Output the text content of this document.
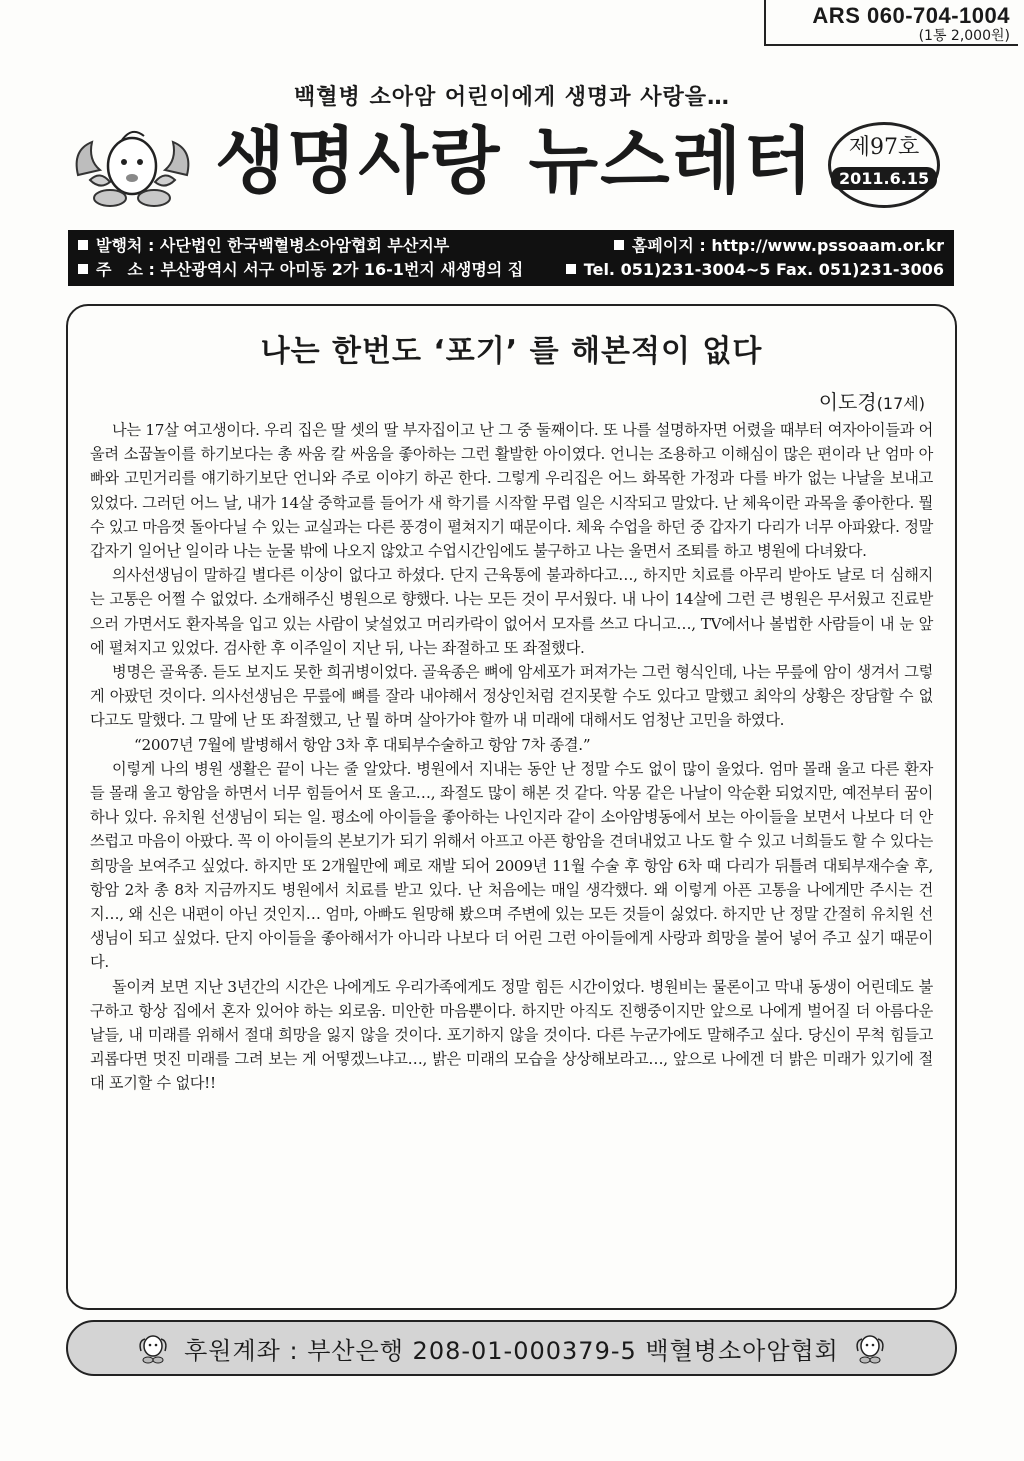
ARS 060-704-1004
(1통 2,000원)
백혈병 소아암 어린이에게 생명과 사랑을…
생명사랑 뉴스레터	제97호
2011.6.15
발행처 : 사단법인 한국백혈병소아암협회 부산지부	홈페이지 : http://www.pssoaam.or.kr
주　소 : 부산광역시 서구 아미동 2가 16-1번지 새생명의 집	Tel. 051)231-3004~5 Fax. 051)231-3006
나는 한번도 ‘포기’ 를 해본적이 없다
이도경(17세)

나는 17살 여고생이다. 우리 집은 딸 셋의 딸 부자집이고 난 그 중 둘째이다. 또 나를 설명하자면 어렸을 때부터 여자아이들과 어울려 소꿉놀이를 하기보다는 총 싸움 칼 싸움을 좋아하는 그런 활발한 아이였다. 언니는 조용하고 이해심이 많은 편이라 난 엄마 아빠와 고민거리를 얘기하기보단 언니와 주로 이야기 하곤 한다. 그렇게 우리집은 어느 화목한 가정과 다를 바가 없는 나날을 보내고 있었다. 그러던 어느 날, 내가 14살 중학교를 들어가 새 학기를 시작할 무렵 일은 시작되고 말았다. 난 체육이란 과목을 좋아한다. 뭘 수 있고 마음껏 돌아다닐 수 있는 교실과는 다른 풍경이 펼쳐지기 때문이다. 체육 수업을 하던 중 갑자기 다리가 너무 아파왔다. 정말 갑자기 일어난 일이라 나는 눈물 밖에 나오지 않았고 수업시간임에도 불구하고 나는 울면서 조퇴를 하고 병원에 다녀왔다.

의사선생님이 말하길 별다른 이상이 없다고 하셨다. 단지 근육통에 불과하다고…, 하지만 치료를 아무리 받아도 날로 더 심해지는 고통은 어쩔 수 없었다. 소개해주신 병원으로 향했다. 나는 모든 것이 무서웠다. 내 나이 14살에 그런 큰 병원은 무서웠고 진료받으러 가면서도 환자복을 입고 있는 사람이 낯설었고 머리카락이 없어서 모자를 쓰고 다니고…, TV에서나 볼법한 사람들이 내 눈 앞에 펼쳐지고 있었다. 검사한 후 이주일이 지난 뒤, 나는 좌절하고 또 좌절했다.

병명은 골육종. 듣도 보지도 못한 희귀병이었다. 골육종은 뼈에 암세포가 퍼져가는 그런 형식인데, 나는 무릎에 암이 생겨서 그렇게 아팠던 것이다. 의사선생님은 무릎에 뼈를 잘라 내야해서 정상인처럼 걷지못할 수도 있다고 말했고 최악의 상황은 장담할 수 없다고도 말했다. 그 말에 난 또 좌절했고, 난 뭘 하며 살아가야 할까 내 미래에 대해서도 엄청난 고민을 하였다.

“2007년 7월에 발병해서 항암 3차 후 대퇴부수술하고 항암 7차 종결.”

이렇게 나의 병원 생활은 끝이 나는 줄 알았다. 병원에서 지내는 동안 난 정말 수도 없이 많이 울었다. 엄마 몰래 울고 다른 환자들 몰래 울고 항암을 하면서 너무 힘들어서 또 울고…, 좌절도 많이 해본 것 같다. 악몽 같은 나날이 악순환 되었지만, 예전부터 꿈이 하나 있다. 유치원 선생님이 되는 일. 평소에 아이들을 좋아하는 나인지라 같이 소아암병동에서 보는 아이들을 보면서 나보다 더 안쓰럽고 마음이 아팠다. 꼭 이 아이들의 본보기가 되기 위해서 아프고 아픈 항암을 견뎌내었고 나도 할 수 있고 너희들도 할 수 있다는 희망을 보여주고 싶었다. 하지만 또 2개월만에 폐로 재발 되어 2009년 11월 수술 후 항암 6차 때 다리가 뒤틀려 대퇴부재수술 후, 항암 2차 총 8차 지금까지도 병원에서 치료를 받고 있다. 난 처음에는 매일 생각했다. 왜 이렇게 아픈 고통을 나에게만 주시는 건지…, 왜 신은 내편이 아닌 것인지… 엄마, 아빠도 원망해 봤으며 주변에 있는 모든 것들이 싫었다. 하지만 난 정말 간절히 유치원 선생님이 되고 싶었다. 단지 아이들을 좋아해서가 아니라 나보다 더 어린 그런 아이들에게 사랑과 희망을 불어 넣어 주고 싶기 때문이다.

돌이켜 보면 지난 3년간의 시간은 나에게도 우리가족에게도 정말 힘든 시간이었다. 병원비는 물론이고 막내 동생이 어린데도 불구하고 항상 집에서 혼자 있어야 하는 외로움. 미안한 마음뿐이다. 하지만 아직도 진행중이지만 앞으로 나에게 벌어질 더 아름다운 날들, 내 미래를 위해서 절대 희망을 잃지 않을 것이다. 포기하지 않을 것이다. 다른 누군가에도 말해주고 싶다. 당신이 무척 힘들고 괴롭다면 멋진 미래를 그려 보는 게 어떻겠느냐고…, 밝은 미래의 모습을 상상해보라고…, 앞으로 나에겐 더 밝은 미래가 있기에 절대 포기할 수 없다!!

후원계좌 : 부산은행 208-01-000379-5 백혈병소아암협회
